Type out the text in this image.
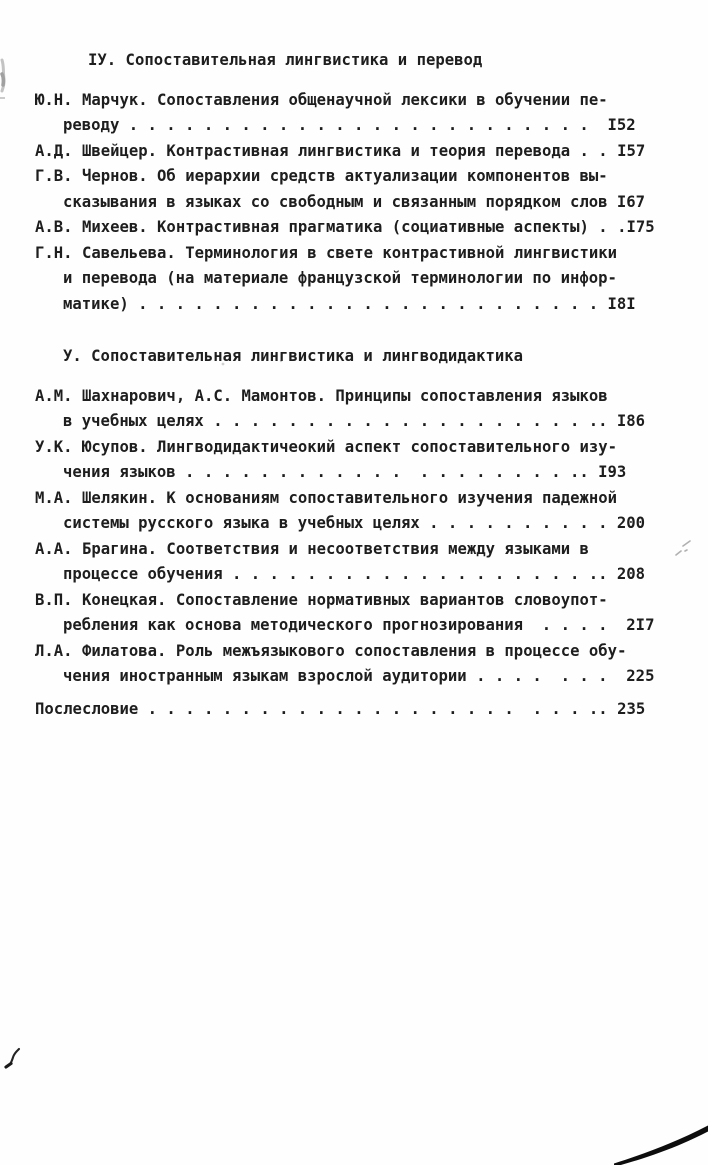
IУ. Сопоставительная лингвистика и перевод
Ю.Н. Марчук. Сопоставления общенаучной лексики в обучении пе-
реводу . . . . . . . . . . . . . . . . . . . . . . . . .  I52
А.Д. Швейцер. Контрастивная лингвистика и теория перевода . . I57
Г.В. Чернов. Об иерархии средств актуализации компонентов вы-
сказывания в языках со свободным и связанным порядком слов I67
А.В. Михеев. Контрастивная прагматика (социативные аспекты) . .I75
Г.Н. Савельева. Терминология в свете контрастивной лингвистики
и перевода (на материале французской терминологии по инфор-
матике) . . . . . . . . . . . . . . . . . . . . . . . . . I8I
У. Сопоставительная лингвистика и лингводидактика
А.М. Шахнарович, А.С. Мамонтов. Принципы сопоставления языков
в учебных целях . . . . . . . . . . . . . . . . . . . . .. I86
У.К. Юсупов. Лингводидактичеокий аспект сопоставительного изу-
чения языков . . . . . . . . . . . .  . . . . . . . . .. I93
М.А. Шелякин. К основаниям сопоставительного изучения падежной
системы русского языка в учебных целях . . . . . . . . . . 200
А.А. Брагина. Соответствия и несоответствия между языками в
процессе обучения . . . . . . . . . . . . . . . . . . . .. 208
В.П. Конецкая. Сопоставление нормативных вариантов словоупот-
ребления как основа методического прогнозирования  . . . .  2I7
Л.А. Филатова. Роль межъязыкового сопоставления в процессе обу-
чения иностранным языкам взрослой аудитории . . . .  . . .  225
Послесловие . . . . . . . . . . . . . . . . . . . .  . . . .. 235
